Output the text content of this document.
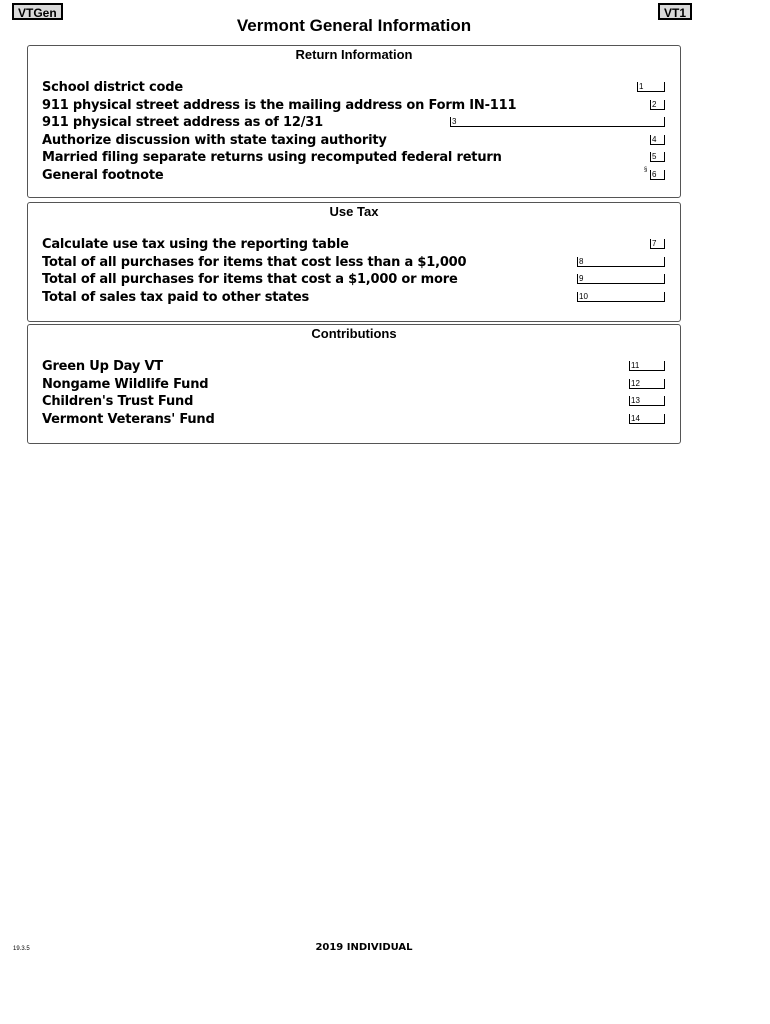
VTGen	VT1
Vermont General Information
Return Information
School district code	1
911 physical street address is the mailing address on Form IN-111	2
911 physical street address as of 12/31	3
Authorize discussion with state taxing authority	4
Married filing separate returns using recomputed federal return	5
General footnote	§ 6
Use Tax
Calculate use tax using the reporting table	7
Total of all purchases for items that cost less than a $1,000	8
Total of all purchases for items that cost a $1,000 or more	9
Total of sales tax paid to other states	10
Contributions
Green Up Day VT	11
Nongame Wildlife Fund	12
Children's Trust Fund	13
Vermont Veterans' Fund	14
19.3.5	2019 INDIVIDUAL
